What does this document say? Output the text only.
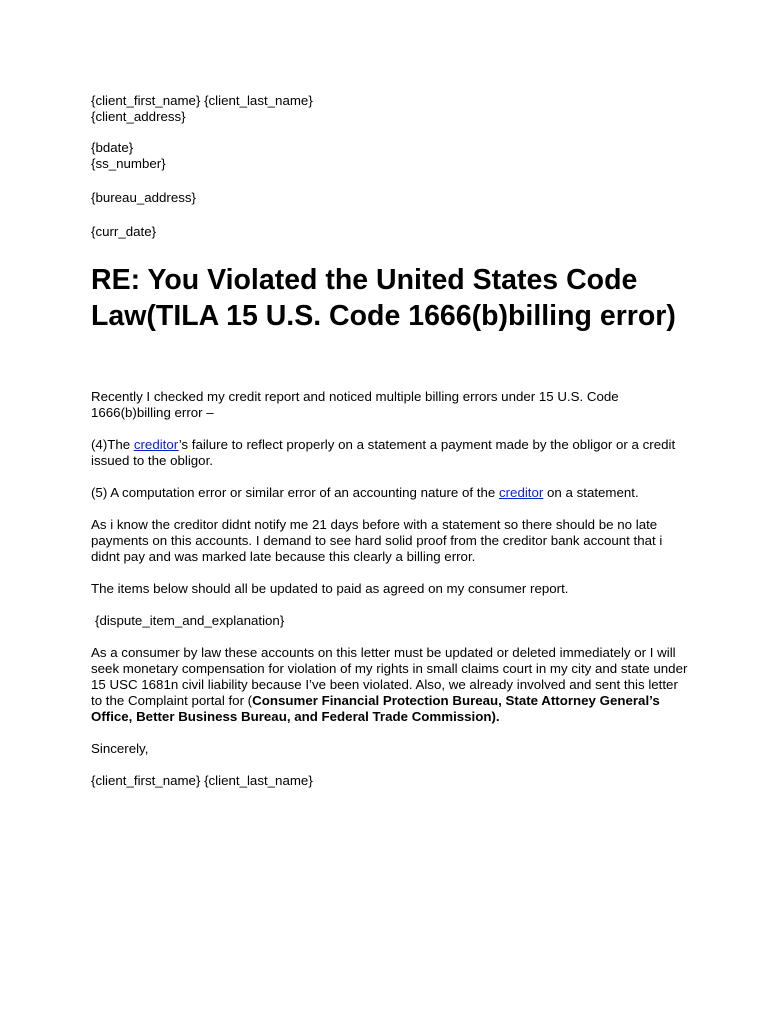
{client_first_name} {client_last_name}
{client_address}
{bdate}
{ss_number}
{bureau_address}
{curr_date}
RE: You Violated the United States Code Law(TILA 15 U.S. Code 1666(b)billing error)

Recently I checked my credit report and noticed multiple billing errors under 15 U.S. Code 1666(b)billing error –

(4)The creditor’s failure to reflect properly on a statement a payment made by the obligor or a credit issued to the obligor.

(5) A computation error or similar error of an accounting nature of the creditor on a statement.

As i know the creditor didnt notify me 21 days before with a statement so there should be no late payments on this accounts. I demand to see hard solid proof from the creditor bank account that i didnt pay and was marked late because this clearly a billing error.

The items below should all be updated to paid as agreed on my consumer report.

{dispute_item_and_explanation}

As a consumer by law these accounts on this letter must be updated or deleted immediately or I will seek monetary compensation for violation of my rights in small claims court in my city and state under 15 USC 1681n civil liability because I’ve been violated. Also, we already involved and sent this letter to the Complaint portal for (Consumer Financial Protection Bureau, State Attorney General’s Office, Better Business Bureau, and Federal Trade Commission).

Sincerely,

{client_first_name} {client_last_name}
